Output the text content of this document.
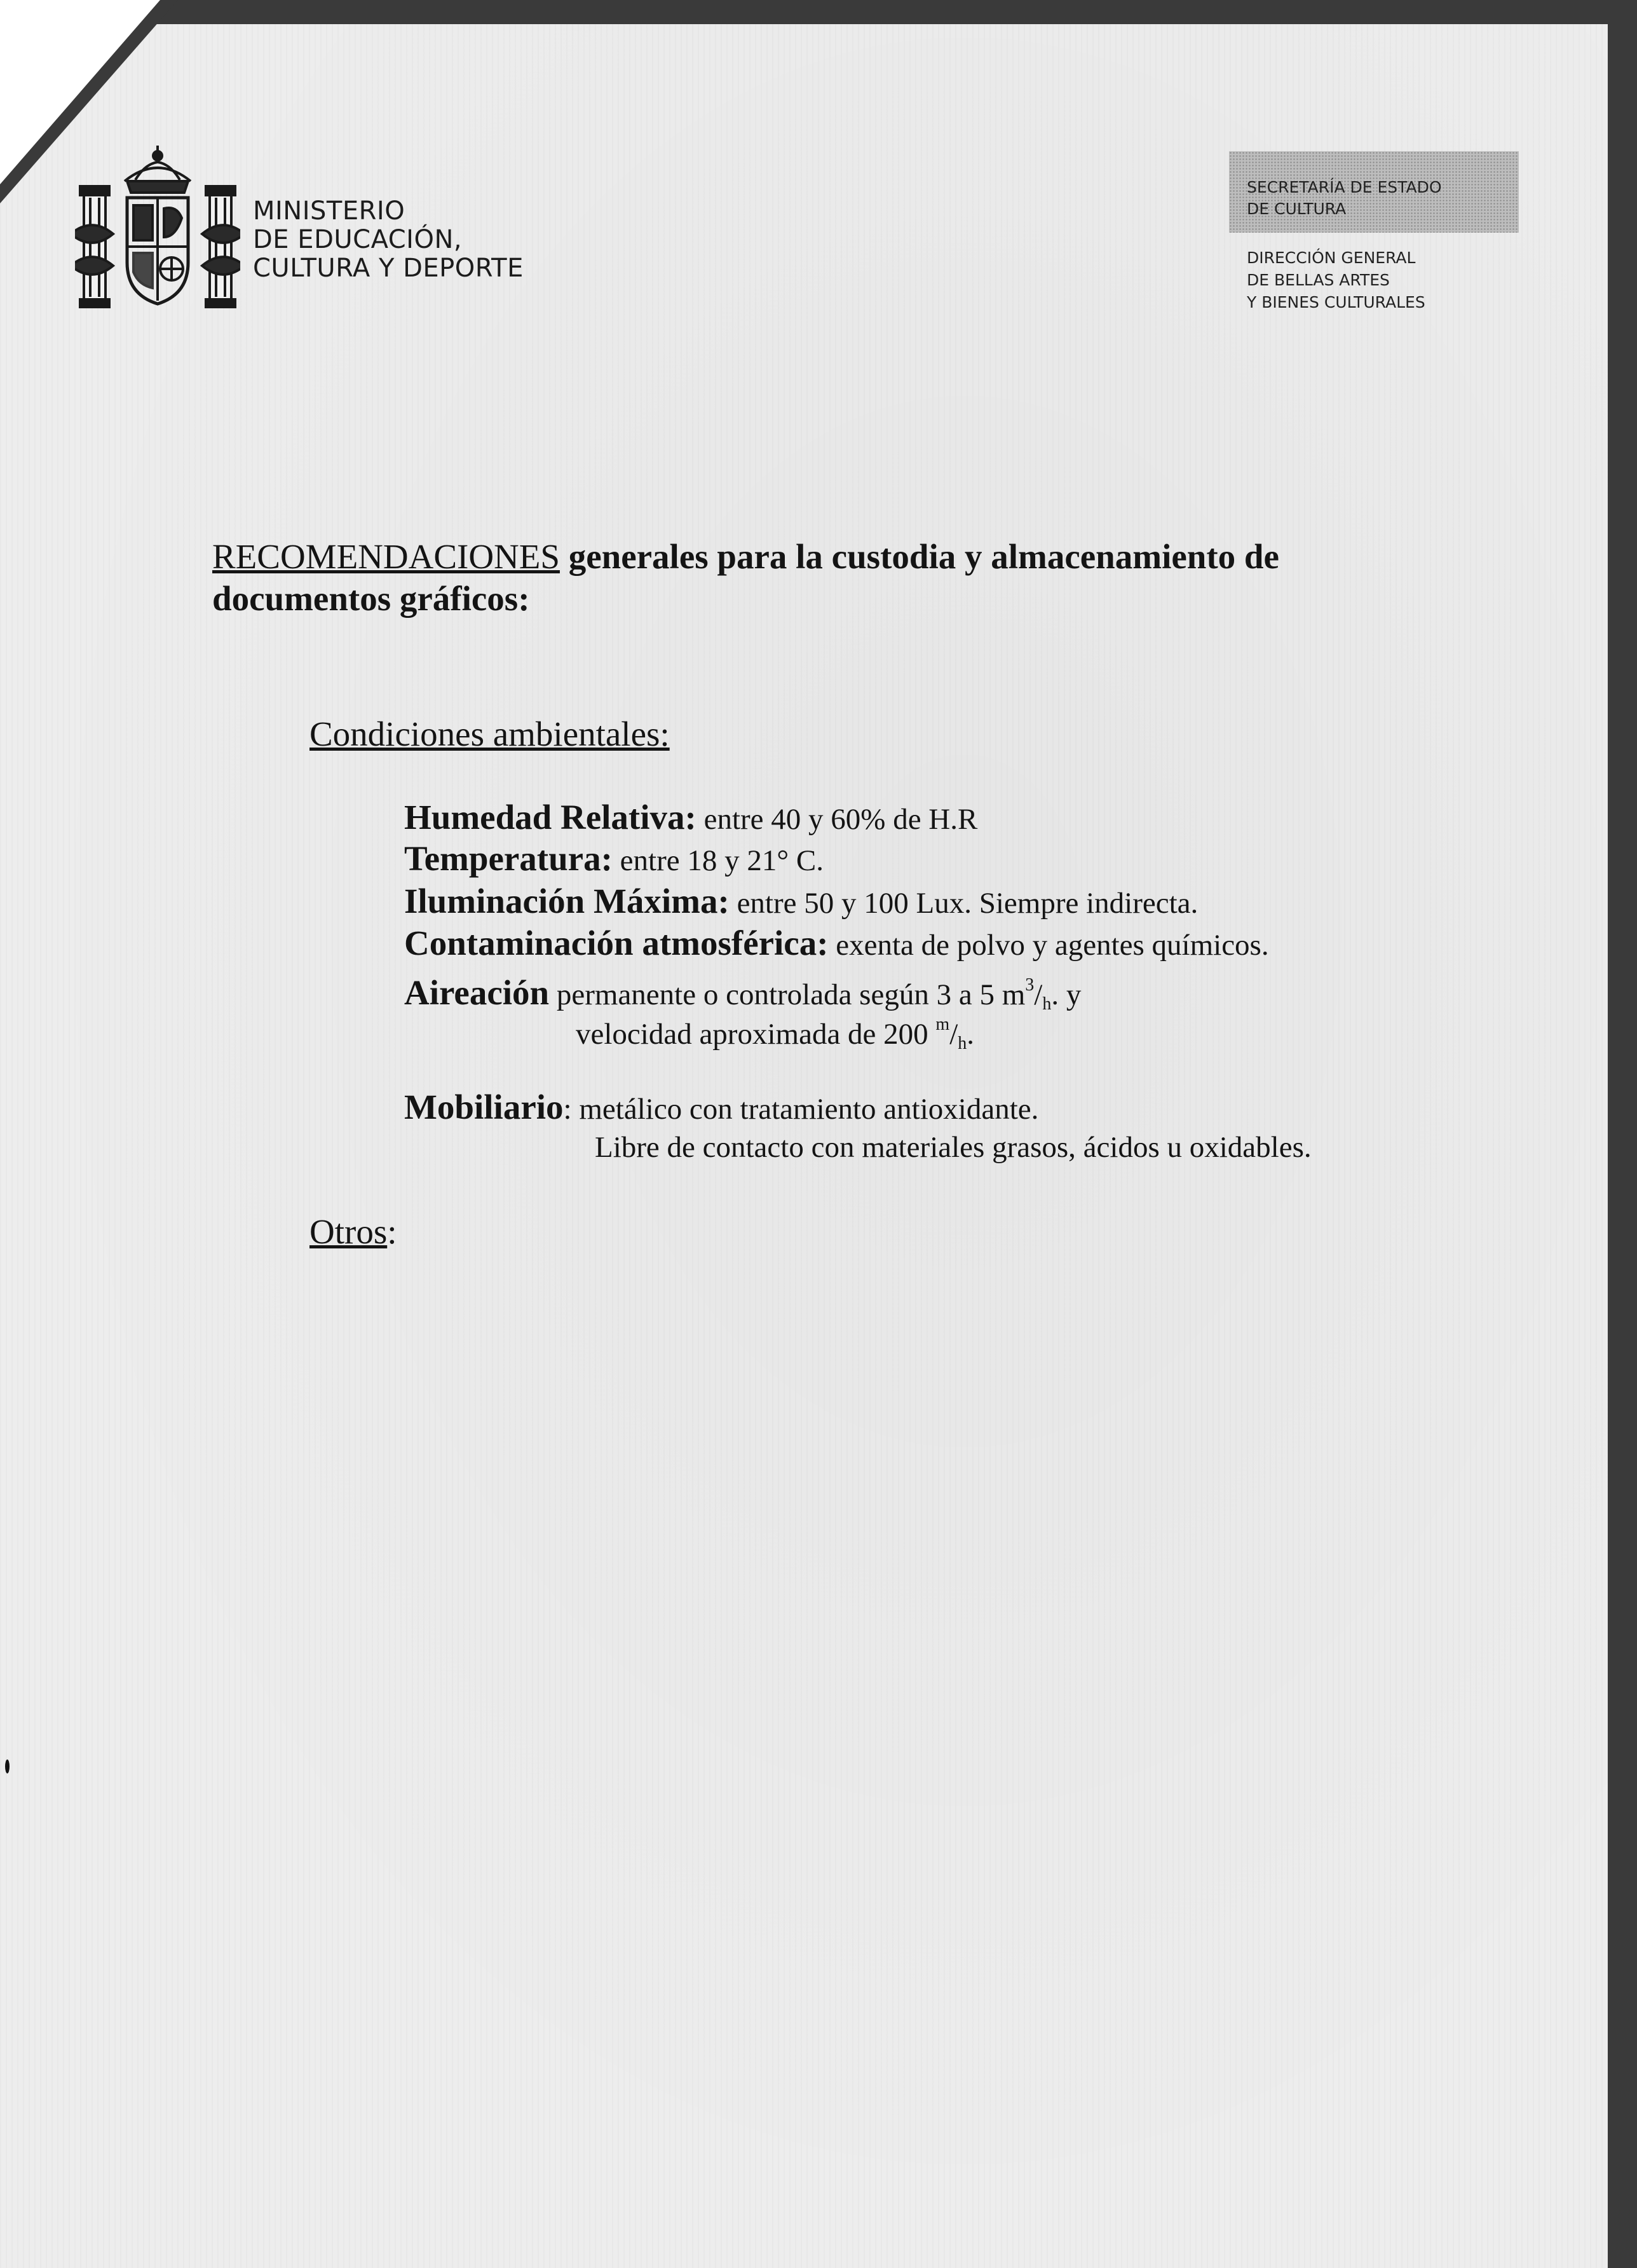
MINISTERIO
DE EDUCACIÓN,
CULTURA Y DEPORTE
SECRETARÍA DE ESTADO
DE CULTURA
DIRECCIÓN GENERAL
DE BELLAS ARTES
Y BIENES CULTURALES
RECOMENDACIONES generales para la custodia y almacenamiento de
documentos gráficos:
Condiciones ambientales:
Humedad Relativa: entre 40 y 60% de H.R
Temperatura: entre 18 y 21° C.
Iluminación Máxima: entre 50 y 100 Lux. Siempre indirecta.
Contaminación atmosférica: exenta de polvo y agentes químicos.
Aireación permanente o controlada según 3 a 5 $m^3/_h$. y
velocidad aproximada de 200 $^m/_h$.
Mobiliario: metálico con tratamiento antioxidante.
Libre de contacto con materiales grasos, ácidos u oxidables.
Otros:
